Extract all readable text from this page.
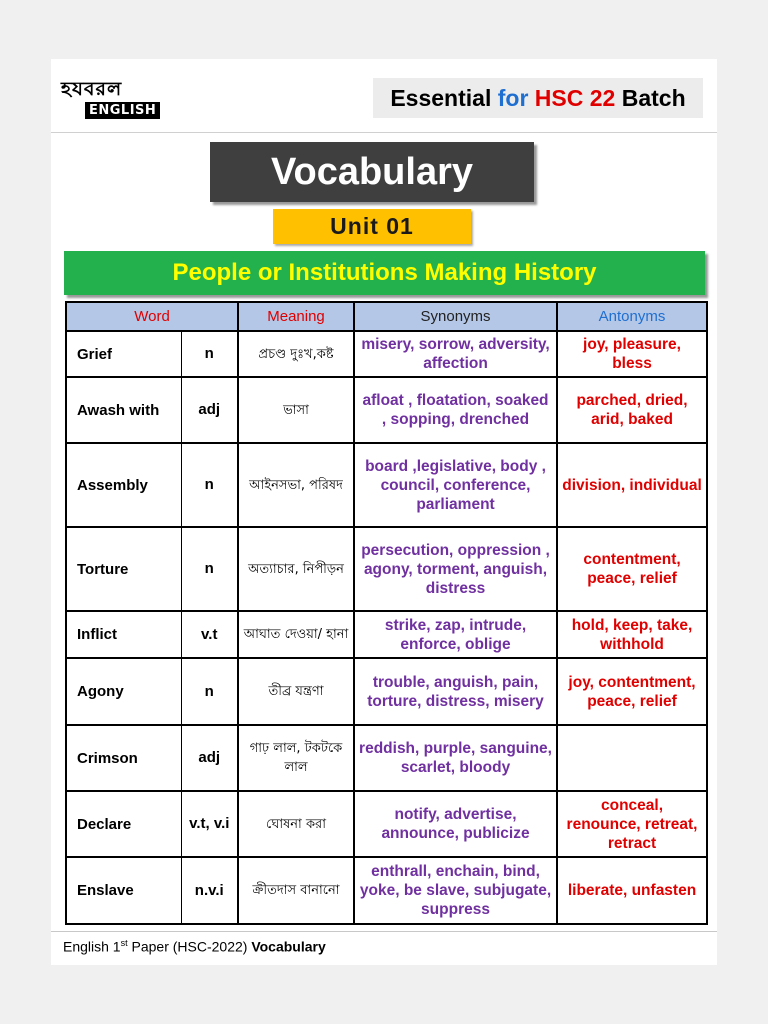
হযবরল
ENGLISH	Essential for HSC 22 Batch
Vocabulary
Unit 01
People or Institutions Making History
Word		Meaning	Synonyms	Antonyms
Grief	n	প্রচণ্ড দুঃখ,কষ্ট	misery, sorrow, adversity, affection	joy, pleasure, bless
Awash with	adj	ভাসা	afloat , floatation, soaked , sopping, drenched	parched, dried, arid, baked
Assembly	n	আইনসভা, পরিষদ	board ,legislative, body , council, conference, parliament	division, individual
Torture	n	অত্যাচার, নিপীড়ন	persecution, oppression , agony, torment, anguish, distress	contentment, peace, relief
Inflict	v.t	আঘাত দেওয়া/ হানা	strike, zap, intrude, enforce, oblige	hold, keep, take, withhold
Agony	n	তীব্র যন্ত্রণা	trouble, anguish, pain, torture, distress, misery	joy, contentment, peace, relief
Crimson	adj	গাঢ় লাল, টকটকে লাল	reddish, purple, sanguine, scarlet, bloody	
Declare	v.t, v.i	ঘোষনা করা	notify, advertise, announce, publicize	conceal, renounce, retreat, retract
Enslave	n.v.i	ক্রীতদাস বানানো	enthrall, enchain, bind, yoke, be slave, subjugate, suppress	liberate, unfasten
English 1st Paper (HSC-2022) Vocabulary
